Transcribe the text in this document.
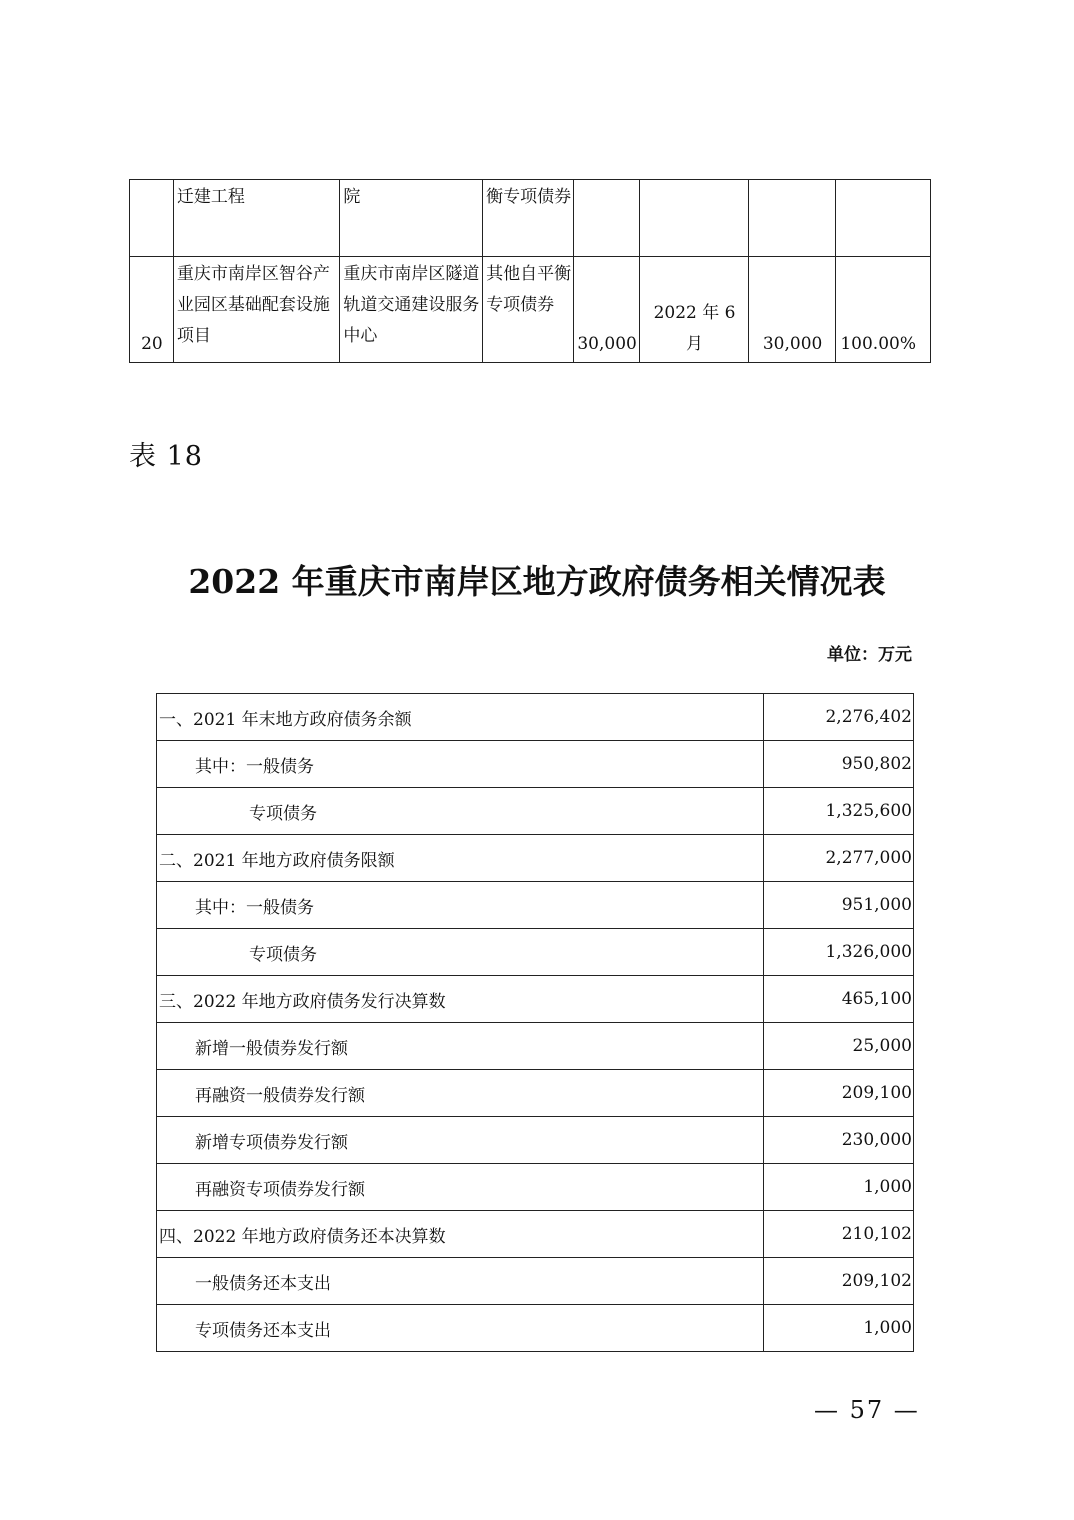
	迁建工程	院	衡专项债券				
20	重庆市南岸区智谷产业园区基础配套设施项目	重庆市南岸区隧道轨道交通建设服务中心	其他自平衡专项债券	30,000	2022 年 6 月	30,000	100.00%
表 18
2022 年重庆市南岸区地方政府债务相关情况表
单位：万元
一、2021 年末地方政府债务余额	2,276,402
其中：一般债务	950,802
专项债务	1,325,600
二、2021 年地方政府债务限额	2,277,000
其中：一般债务	951,000
专项债务	1,326,000
三、2022 年地方政府债务发行决算数	465,100
新增一般债券发行额	25,000
再融资一般债券发行额	209,100
新增专项债券发行额	230,000
再融资专项债券发行额	1,000
四、2022 年地方政府债务还本决算数	210,102
一般债务还本支出	209,102
专项债务还本支出	1,000
— 57 —
